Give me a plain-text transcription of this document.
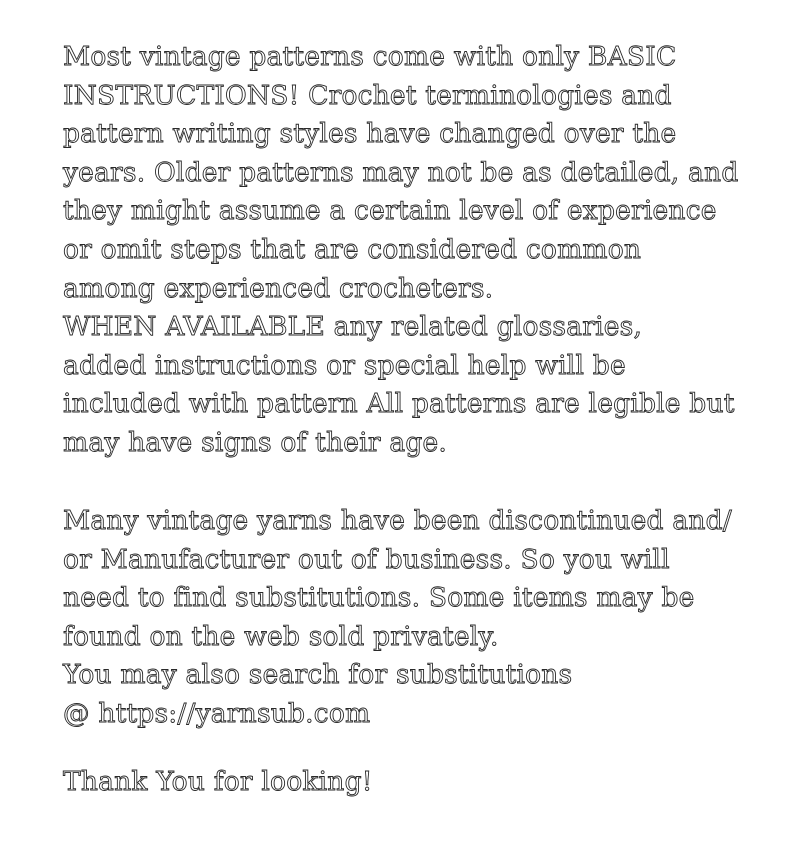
Most vintage patterns come with only BASIC
INSTRUCTIONS! Crochet terminologies and
pattern writing styles have changed over the
years. Older patterns may not be as detailed, and
they might assume a certain level of experience
or omit steps that are considered common
among experienced crocheters.
WHEN AVAILABLE any related glossaries,
added instructions or special help will be
included with pattern All patterns are legible but
may have signs of their age.
Many vintage yarns have been discontinued and/
or Manufacturer out of business. So you will
need to find substitutions. Some items may be
found on the web sold privately.
You may also search for substitutions
@ https://yarnsub.com
Thank You for looking!
